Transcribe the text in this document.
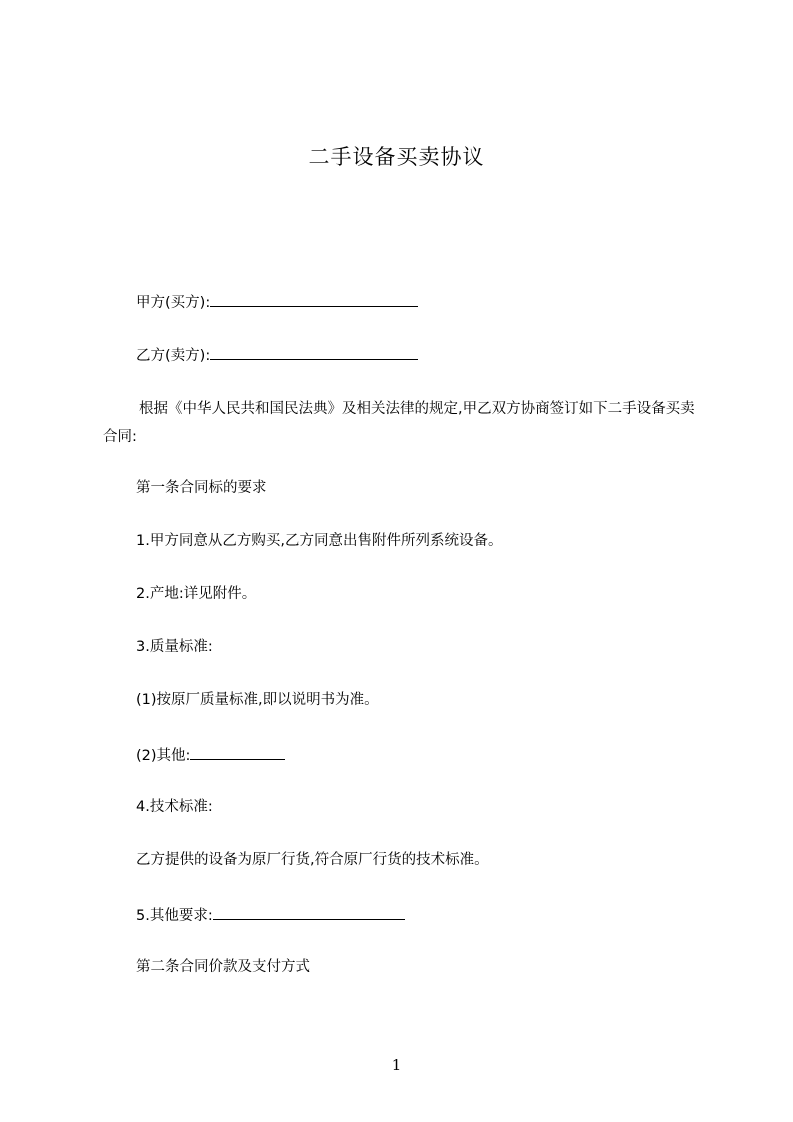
二手设备买卖协议
甲方(买方):
乙方(卖方):
根据《中华人民共和国民法典》及相关法律的规定,甲乙双方协商签订如下二手设备买卖合同:
第一条合同标的要求
1.甲方同意从乙方购买,乙方同意出售附件所列系统设备。
2.产地:详见附件。
3.质量标准:
(1)按原厂质量标准,即以说明书为准。
(2)其他:
4.技术标准:
乙方提供的设备为原厂行货,符合原厂行货的技术标准。
5.其他要求:
第二条合同价款及支付方式
1
